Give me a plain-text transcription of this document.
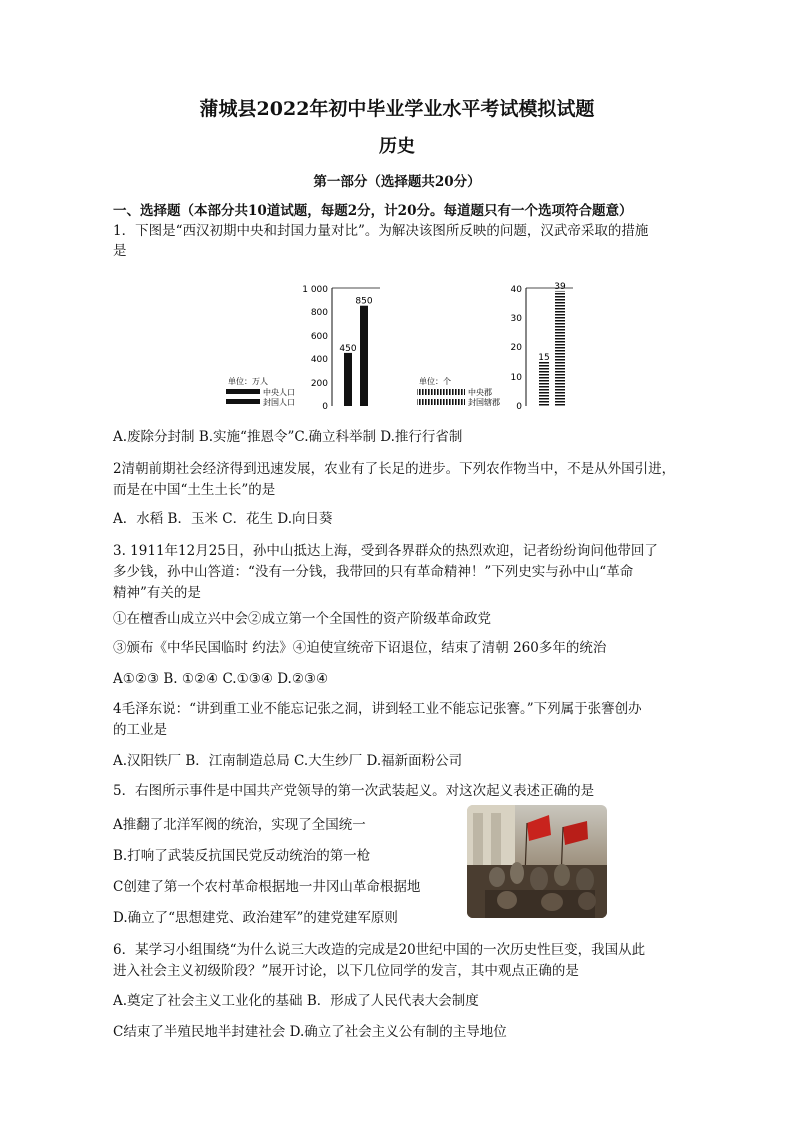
蒲城县2022年初中毕业学业水平考试模拟试题
历史
第一部分（选择题共20分）
一、选择题（本部分共10道试题，每题2分，计20分。每道题只有一个选项符合题意）
1．下图是“西汉初期中央和封国力量对比”。为解决该图所反映的问题，汉武帝采取的措施
是
1 000
800
600
400
200
0
450
850
单位：万人
中央人口
封国人口
40
30
20
10
0
15
39
单位：个
中央郡
封国辖郡
A.废除分封制 B.实施“推恩令”C.确立科举制 D.推行行省制
2清朝前期社会经济得到迅速发展，农业有了长足的进步。下列农作物当中，不是从外国引进，
而是在中国“土生土长”的是
A．水稻 B．玉米 C．花生 D.向日葵
3. 1911年12月25日，孙中山抵达上海，受到各界群众的热烈欢迎，记者纷纷询问他带回了
多少钱，孙中山答道：“没有一分钱，我带回的只有革命精神！”下列史实与孙中山“革命
精神”有关的是
①在檀香山成立兴中会②成立第一个全国性的资产阶级革命政党
③颁布《中华民国临时 约法》④迫使宣统帝下诏退位，结束了清朝 260多年的统治
A①②③ B. ①②④ C.①③④ D.②③④
4毛泽东说：“讲到重工业不能忘记张之洞，讲到轻工业不能忘记张謇。”下列属于张謇创办
的工业是
A.汉阳铁厂 B．江南制造总局 C.大生纱厂 D.福新面粉公司
5．右图所示事件是中国共产党领导的第一次武装起义。对这次起义表述正确的是
A推翻了北洋军阀的统治，实现了全国统一
B.打响了武装反抗国民党反动统治的第一枪
C创建了第一个农村革命根据地一井冈山革命根据地
D.确立了“思想建党、政治建军”的建党建军原则
6．某学习小组围绕“为什么说三大改造的完成是20世纪中国的一次历史性巨变，我国从此
进入社会主义初级阶段？”展开讨论，以下几位同学的发言，其中观点正确的是
A.奠定了社会主义工业化的基础 B．形成了人民代表大会制度
C结束了半殖民地半封建社会 D.确立了社会主义公有制的主导地位
